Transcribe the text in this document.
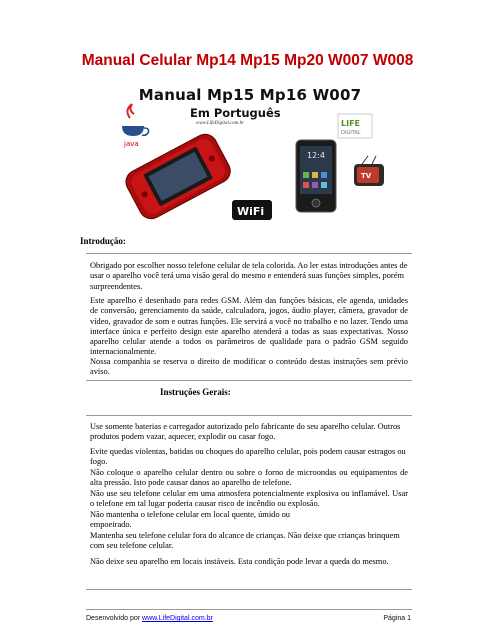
Manual Celular Mp14 Mp15 Mp20 W007 W008
Manual Mp15 Mp16 W007
Em Português
www.LifeDigital.com.br
java
12:4
LIFE
DIGITAL
TV
WiFi
Introdução:

Obrigado por escolher nosso telefone celular de tela colorida. Ao ler estas introduções antes de usar o aparelho você terá uma visão geral do mesmo e entenderá suas funções simples, porém surpreendentes.

Este aparelho é desenhado para redes GSM. Além das funções básicas, ele agenda, unidades de conversão, gerenciamento da saúde, calculadora, jogos, áudio player, câmera, gravador de vídeo, gravador de som e outras funções. Ele servirá a você no trabalho e no lazer. Tendo uma interface única e perfeito design este aparelho atenderá a todas as suas expectativas. Nosso aparelho celular atende a todos os parâmetros de qualidade para o padrão GSM seguido internacionalmente.

Nossa companhia se reserva o direito de modificar o conteúdo destas instruções sem prévio aviso.

Instruções Gerais:

Use somente baterias e carregador autorizado pelo fabricante do seu aparelho celular. Outros produtos podem vazar, aquecer, explodir ou casar fogo.

Evite quedas violentas, batidas ou choques do aparelho celular, pois podem causar estragos ou fogo.

Não coloque o aparelho celular dentro ou sobre o forno de microondas ou equipamentos de alta pressão. Isto pode causar danos ao aparelho de telefone.

Não use seu telefone celular em uma atmosfera potencialmente explosiva ou inflamável. Usar o telefone em tal lugar poderia causar risco de incêndio ou explosão.

Não mantenha o telefone celular em local quente, úmido ou

empoeirado.

Mantenha seu telefone celular fora do alcance de crianças. Não deixe que crianças brinquem com seu telefone celular.

Não deixe seu aparelho em locais instáveis. Esta condição pode levar a queda do mesmo.

Desenvolvido por www.LifeDigital.com.br	Página 1
